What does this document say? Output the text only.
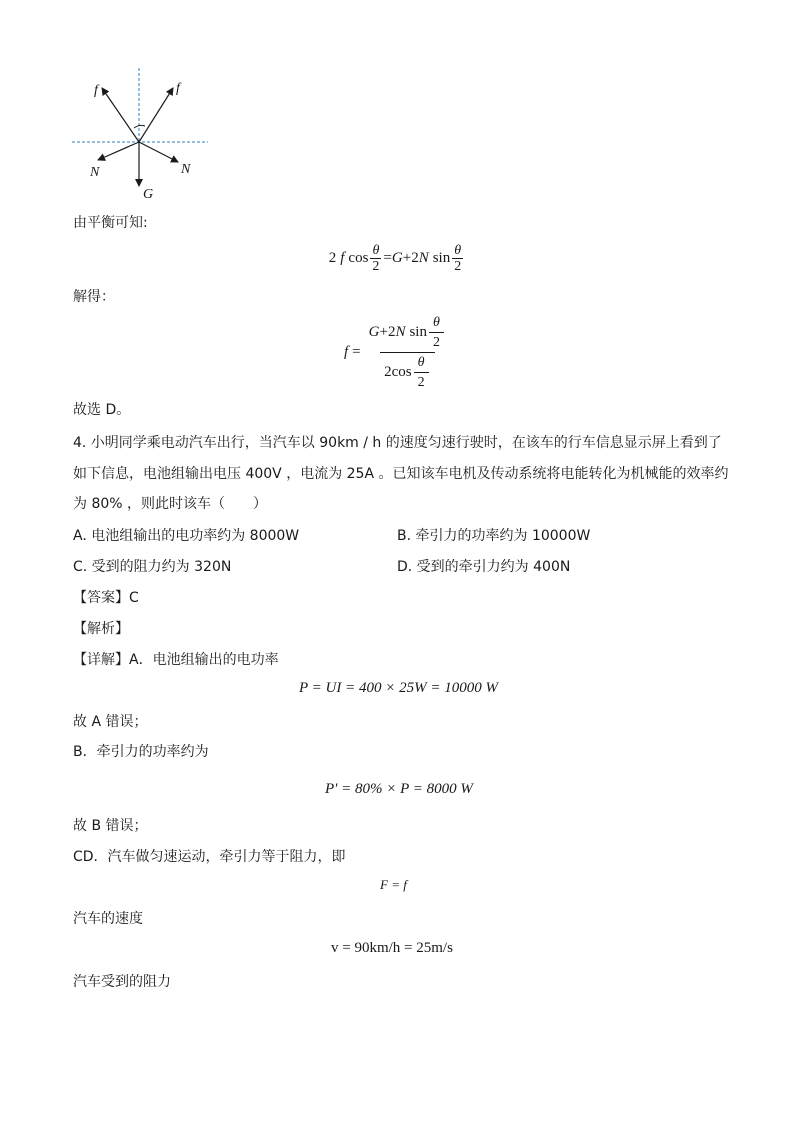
f	f
N	N
G
由平衡可知:
2 f $\cos \frac{\theta}{2} = G + 2$ N $\sin \frac{\theta}{2}$
解得：
$f = \frac{G + 2 N \sin \frac{\theta}{2}}{2 \cos \frac{\theta}{2}}$
故选 D。
4. 小明同学乘电动汽车出行，当汽车以 90km / h 的速度匀速行驶时，在该车的行车信息显示屏上看到了
如下信息，电池组输出电压 400V ，电流为 25A 。已知该车电机及传动系统将电能转化为机械能的效率约
为 80% ，则此时该车（　　）
A. 电池组输出的电功率约为 8000W	B. 牵引力的功率约为 10000W
C. 受到的阻力约为 320N	D. 受到的牵引力约为 400N
【答案】C
【解析】
【详解】A．电池组输出的电功率
P = UI = 400 × 25W = 10000 W
故 A 错误；
B．牵引力的功率约为
P' = 80% × P = 8000 W
故 B 错误；
CD．汽车做匀速运动，牵引力等于阻力，即
F = f
汽车的速度
v = 90km/h = 25m/s
汽车受到的阻力
